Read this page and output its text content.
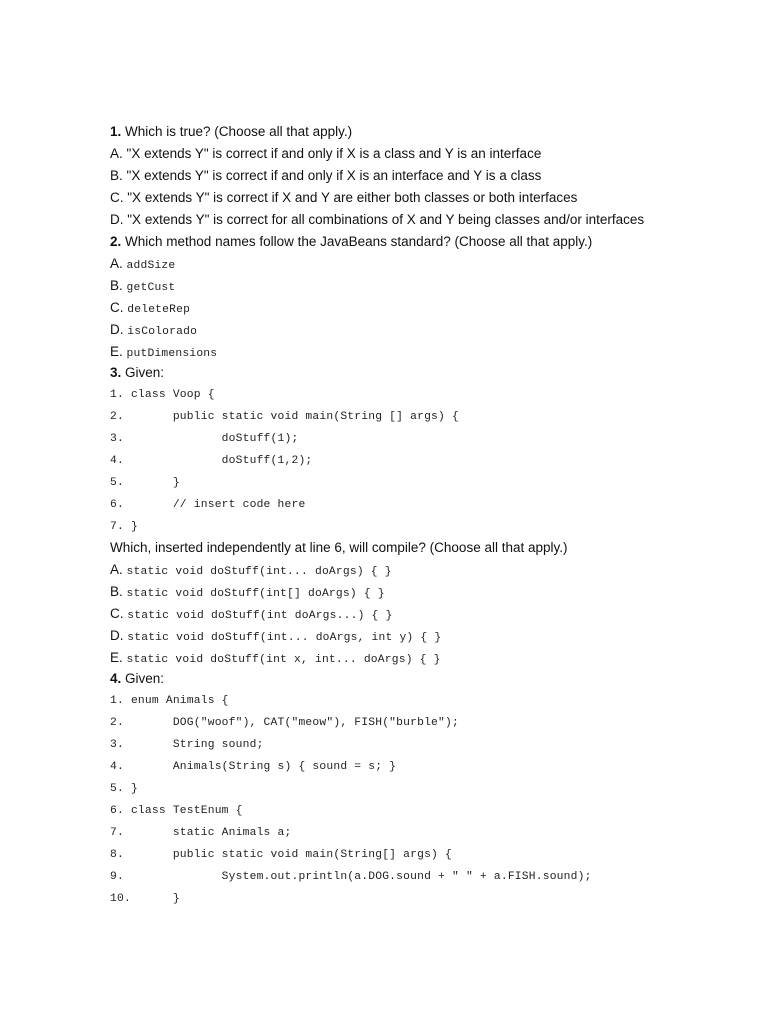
1. Which is true? (Choose all that apply.)
A. "X extends Y" is correct if and only if X is a class and Y is an interface
B. "X extends Y" is correct if and only if X is an interface and Y is a class
C. "X extends Y" is correct if X and Y are either both classes or both interfaces
D. "X extends Y" is correct for all combinations of X and Y being classes and/or interfaces
2. Which method names follow the JavaBeans standard? (Choose all that apply.)
A. addSize
B. getCust
C. deleteRep
D. isColorado
E. putDimensions
3. Given:
1. class Voop {
2.       public static void main(String [] args) {
3.              doStuff(1);
4.              doStuff(1,2);
5.       }
6.       // insert code here
7. }
Which, inserted independently at line 6, will compile? (Choose all that apply.)
A. static void doStuff(int... doArgs) { }
B. static void doStuff(int[] doArgs) { }
C. static void doStuff(int doArgs...) { }
D. static void doStuff(int... doArgs, int y) { }
E. static void doStuff(int x, int... doArgs) { }
4. Given:
1. enum Animals {
2.       DOG("woof"), CAT("meow"), FISH("burble");
3.       String sound;
4.       Animals(String s) { sound = s; }
5. }
6. class TestEnum {
7.       static Animals a;
8.       public static void main(String[] args) {
9.              System.out.println(a.DOG.sound + " " + a.FISH.sound);
10.      }
